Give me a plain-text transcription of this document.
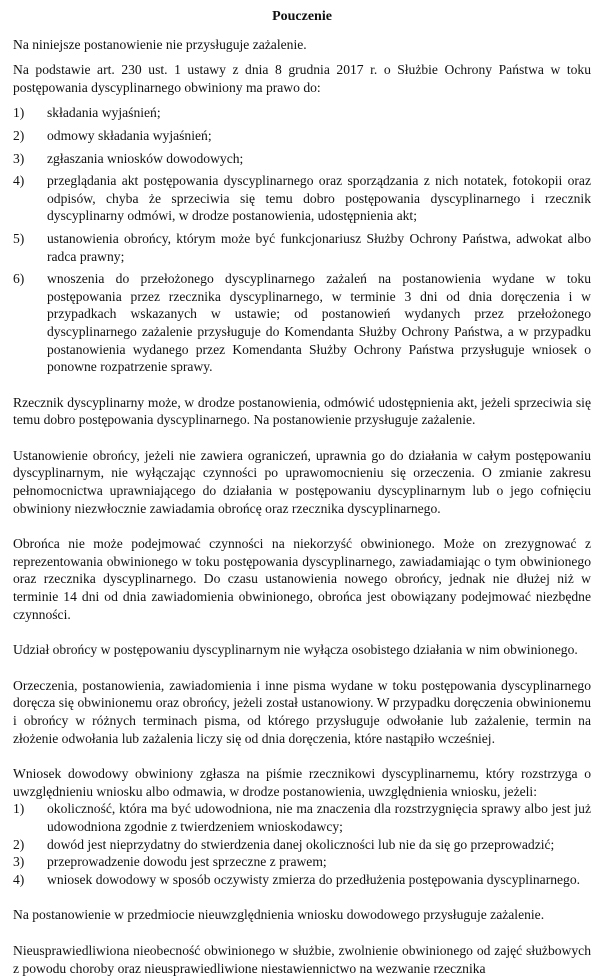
Pouczenie

Na niniejsze postanowienie nie przysługuje zażalenie.

Na podstawie art. 230 ust. 1 ustawy z dnia 8 grudnia 2017 r. o Służbie Ochrony Państwa w toku postępowania dyscyplinarnego obwiniony ma prawo do:

1)	składania wyjaśnień;
2)	odmowy składania wyjaśnień;
3)	zgłaszania wniosków dowodowych;
4)	przeglądania akt postępowania dyscyplinarnego oraz sporządzania z nich notatek, fotokopii oraz odpisów, chyba że sprzeciwia się temu dobro postępowania dyscyplinarnego i rzecznik dyscyplinarny odmówi, w drodze postanowienia, udostępnienia akt;
5)	ustanowienia obrońcy, którym może być funkcjonariusz Służby Ochrony Państwa, adwokat albo radca prawny;
6)	wnoszenia do przełożonego dyscyplinarnego zażaleń na postanowienia wydane w toku postępowania przez rzecznika dyscyplinarnego, w terminie 3 dni od dnia doręczenia i w przypadkach wskazanych w ustawie; od postanowień wydanych przez przełożonego dyscyplinarnego zażalenie przysługuje do Komendanta Służby Ochrony Państwa, a w przypadku postanowienia wydanego przez Komendanta Służby Ochrony Państwa przysługuje wniosek o ponowne rozpatrzenie sprawy.

Rzecznik dyscyplinarny może, w drodze postanowienia, odmówić udostępnienia akt, jeżeli sprzeciwia się temu dobro postępowania dyscyplinarnego. Na postanowienie przysługuje zażalenie.

Ustanowienie obrońcy, jeżeli nie zawiera ograniczeń, uprawnia go do działania w całym postępowaniu dyscyplinarnym, nie wyłączając czynności po uprawomocnieniu się orzeczenia. O zmianie zakresu pełnomocnictwa uprawniającego do działania w postępowaniu dyscyplinarnym lub o jego cofnięciu obwiniony niezwłocznie zawiadamia obrońcę oraz rzecznika dyscyplinarnego.

Obrońca nie może podejmować czynności na niekorzyść obwinionego. Może on zrezygnować z reprezentowania obwinionego w toku postępowania dyscyplinarnego, zawiadamiając o tym obwinionego oraz rzecznika dyscyplinarnego. Do czasu ustanowienia nowego obrońcy, jednak nie dłużej niż w terminie 14 dni od dnia zawiadomienia obwinionego, obrońca jest obowiązany podejmować niezbędne czynności.

Udział obrońcy w postępowaniu dyscyplinarnym nie wyłącza osobistego działania w nim obwinionego.

Orzeczenia, postanowienia, zawiadomienia i inne pisma wydane w toku postępowania dyscyplinarnego doręcza się obwinionemu oraz obrońcy, jeżeli został ustanowiony. W przypadku doręczenia obwinionemu i obrońcy w różnych terminach pisma, od którego przysługuje odwołanie lub zażalenie, termin na złożenie odwołania lub zażalenia liczy się od dnia doręczenia, które nastąpiło wcześniej.

Wniosek dowodowy obwiniony zgłasza na piśmie rzecznikowi dyscyplinarnemu, który rozstrzyga o uwzględnieniu wniosku albo odmawia, w drodze postanowienia, uwzględnienia wniosku, jeżeli:

1)	okoliczność, która ma być udowodniona, nie ma znaczenia dla rozstrzygnięcia sprawy albo jest już udowodniona zgodnie z twierdzeniem wnioskodawcy;
2)	dowód jest nieprzydatny do stwierdzenia danej okoliczności lub nie da się go przeprowadzić;
3)	przeprowadzenie dowodu jest sprzeczne z prawem;
4)	wniosek dowodowy w sposób oczywisty zmierza do przedłużenia postępowania dyscyplinarnego.

Na postanowienie w przedmiocie nieuwzględnienia wniosku dowodowego przysługuje zażalenie.

Nieusprawiedliwiona nieobecność obwinionego w służbie, zwolnienie obwinionego od zajęć służbowych z powodu choroby oraz nieusprawiedliwione niestawiennictwo na wezwanie rzecznika
